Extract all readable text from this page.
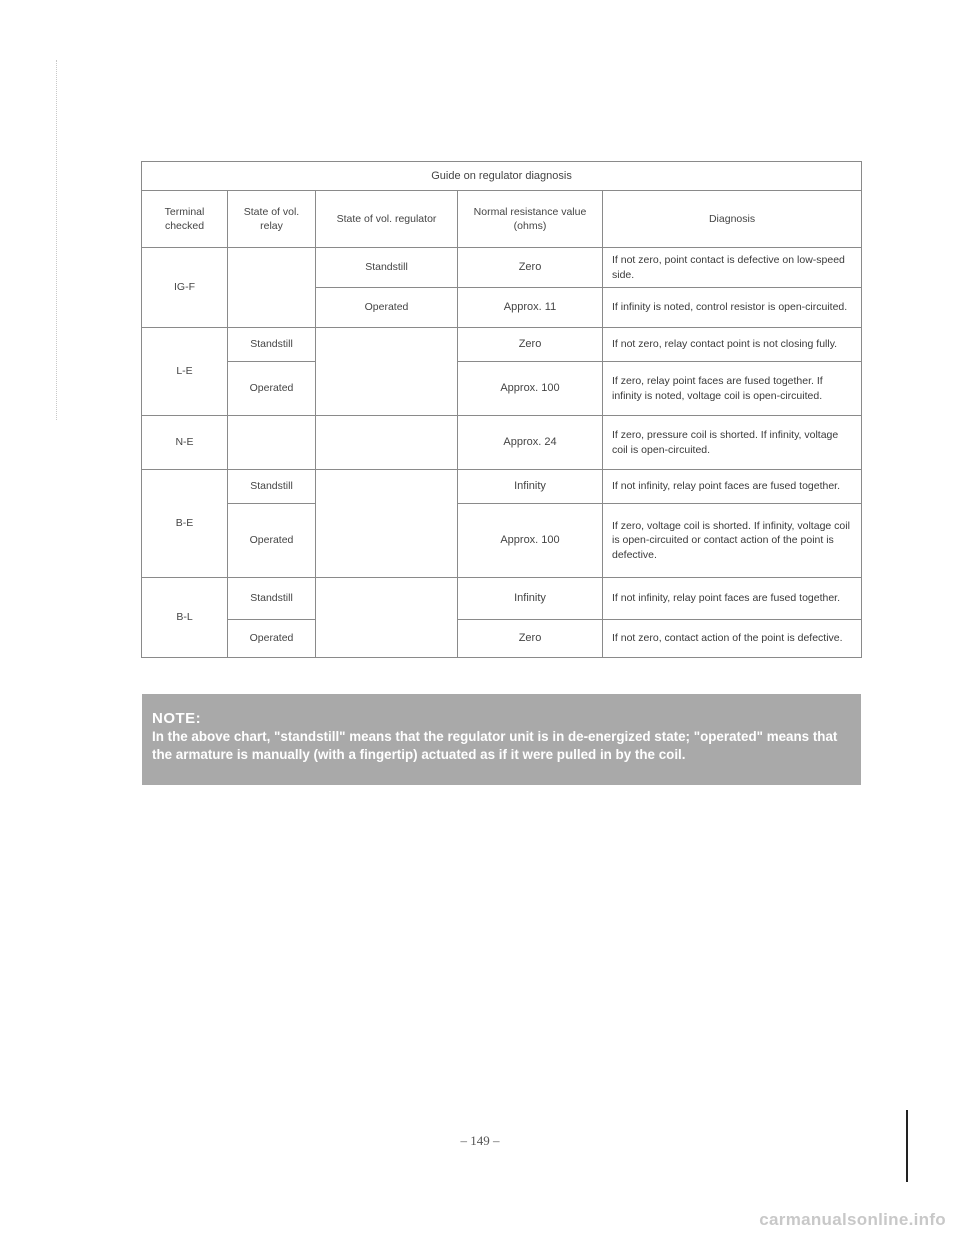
Guide on regulator diagnosis				
Terminal checked	State of vol. relay	State of vol. regulator	Normal resistance value (ohms)	Diagnosis
IG-F		Standstill	Zero	If not zero, point contact is defective on low-speed side.
		Operated	Approx. 11	If infinity is noted, control resistor is open-circuited.
L-E	Standstill		Zero	If not zero, relay contact point is not closing fully.
	Operated		Approx. 100	If zero, relay point faces are fused together. If infinity is noted, voltage coil is open-circuited.
N-E			Approx. 24	If zero, pressure coil is shorted. If infinity, voltage coil is open-circuited.
B-E	Standstill		Infinity	If not infinity, relay point faces are fused together.
	Operated		Approx. 100	If zero, voltage coil is shorted. If infinity, voltage coil is open-circuited or contact action of the point is defective.
B-L	Standstill		Infinity	If not infinity, relay point faces are fused together.
	Operated		Zero	If not zero, contact action of the point is defective.
NOTE:
In the above chart, "standstill" means that the regulator unit is in de-energized state; "operated" means that the armature is manually (with a fingertip) actuated as if it were pulled in by the coil.
– 149 –
carmanualsonline.info
